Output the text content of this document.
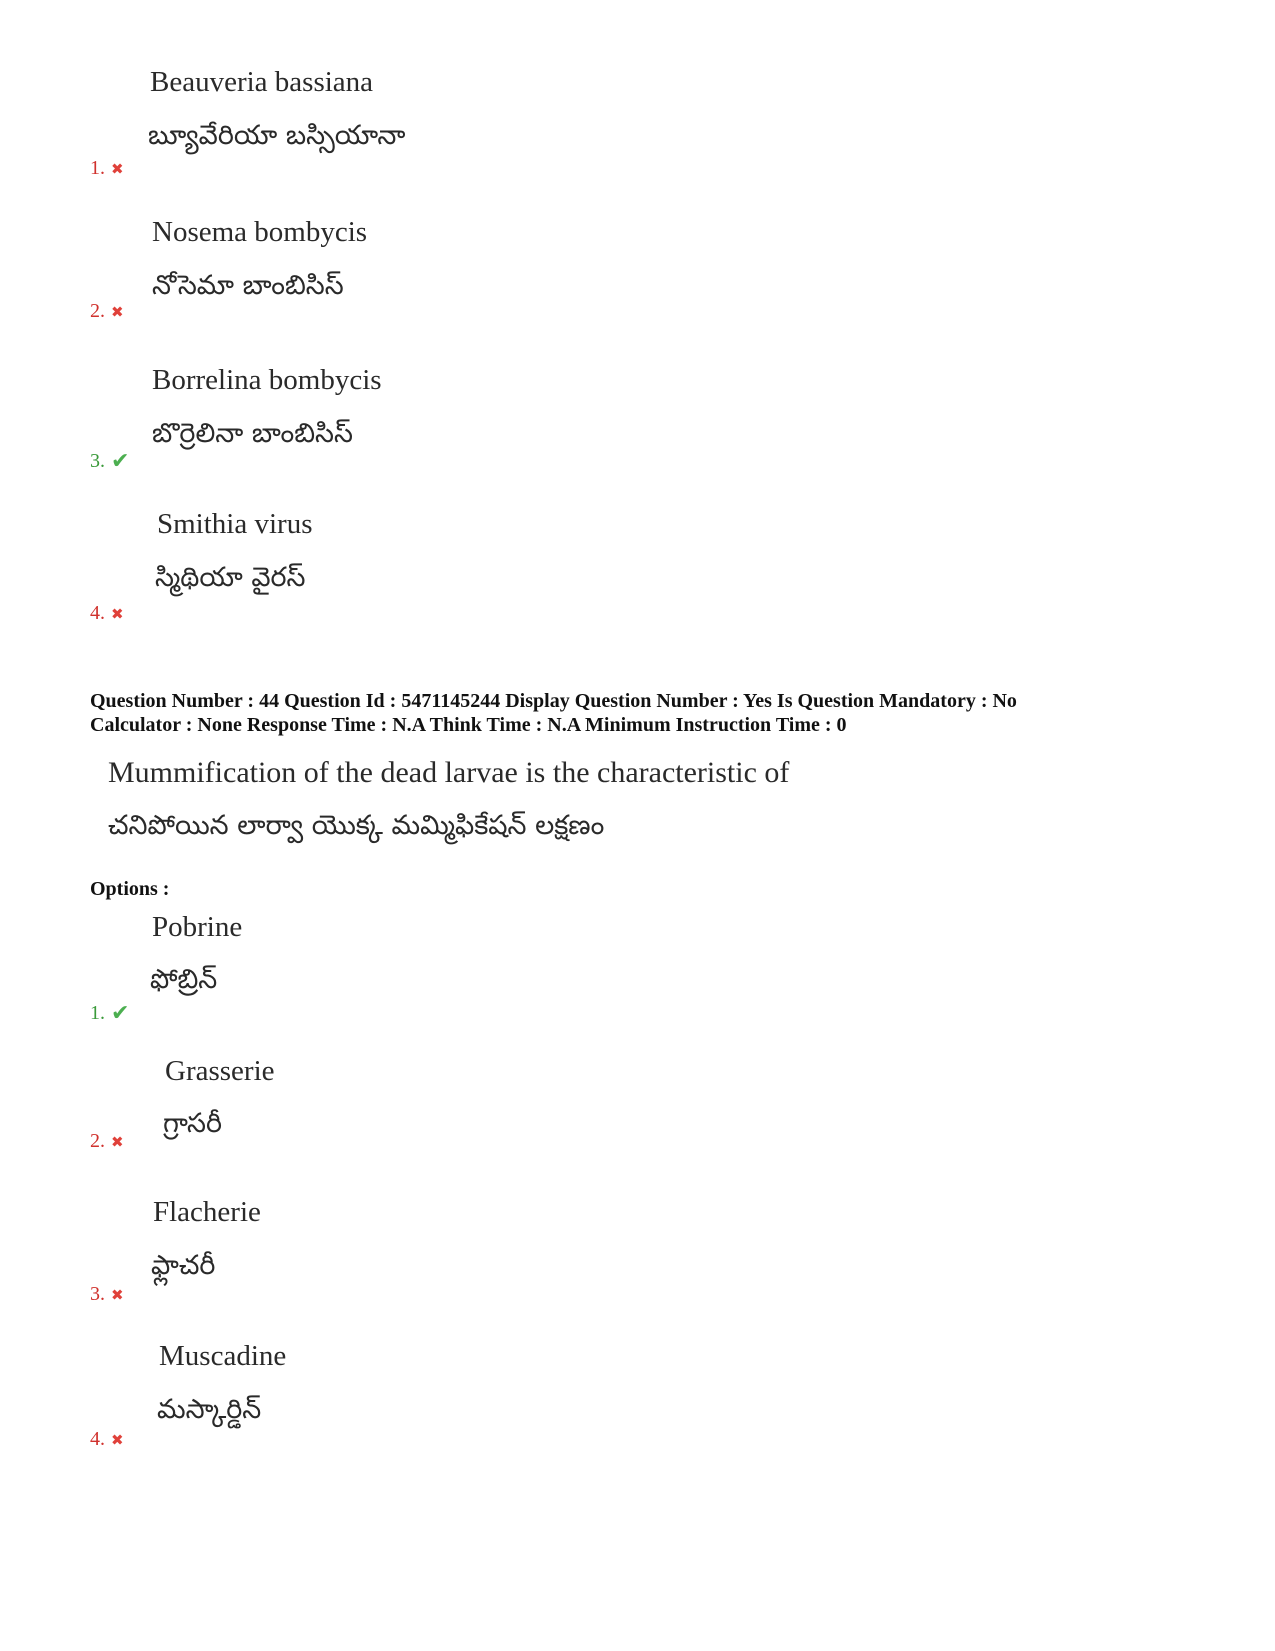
Beauveria bassiana
బ్యూవేరియా బస్సియానా
1. ✖
Nosema bombycis
నోసెమా బాంబిసిస్
2. ✖
Borrelina bombycis
బొర్రెలినా బాంబిసిస్
3. ✔
Smithia virus
స్మిథియా వైరస్
4. ✖
Question Number : 44 Question Id : 5471145244 Display Question Number : Yes Is Question Mandatory : No
Calculator : None Response Time : N.A Think Time : N.A Minimum Instruction Time : 0
Mummification of the dead larvae is the characteristic of
చనిపోయిన లార్వా యొక్క మమ్మిఫికేషన్ లక్షణం
Options :
Pobrine
ఫోబ్రిన్
1. ✔
Grasserie
గ్రాసరీ
2. ✖
Flacherie
ఫ్లాచరీ
3. ✖
Muscadine
మస్కార్డిన్
4. ✖
